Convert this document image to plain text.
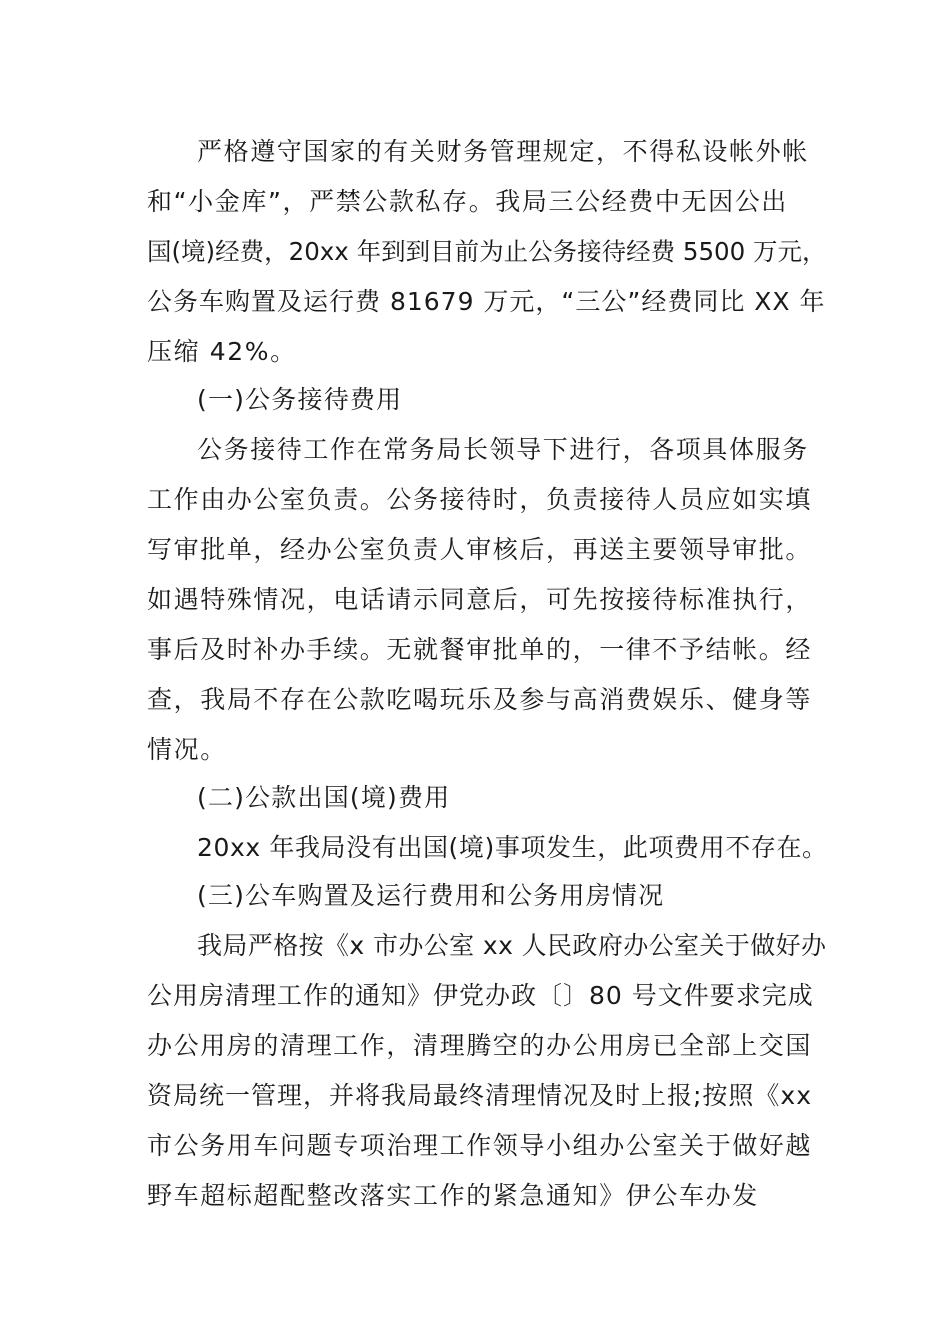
严格遵守国家的有关财务管理规定，不得私设帐外帐
和“小金库”，严禁公款私存。我局三公经费中无因公出
国(境)经费，20xx 年到到目前为止公务接待经费 5500 万元，
公务车购置及运行费 81679 万元，“三公”经费同比 XX 年
压缩 42%。
(一)公务接待费用
公务接待工作在常务局长领导下进行，各项具体服务
工作由办公室负责。公务接待时，负责接待人员应如实填
写审批单，经办公室负责人审核后，再送主要领导审批。
如遇特殊情况，电话请示同意后，可先按接待标准执行，
事后及时补办手续。无就餐审批单的，一律不予结帐。经
查，我局不存在公款吃喝玩乐及参与高消费娱乐、健身等
情况。
(二)公款出国(境)费用
20xx 年我局没有出国(境)事项发生，此项费用不存在。
(三)公车购置及运行费用和公务用房情况
我局严格按《x 市办公室 xx 人民政府办公室关于做好办
公用房清理工作的通知》伊党办政〔〕80 号文件要求完成
办公用房的清理工作，清理腾空的办公用房已全部上交国
资局统一管理，并将我局最终清理情况及时上报;按照《xx
市公务用车问题专项治理工作领导小组办公室关于做好越
野车超标超配整改落实工作的紧急通知》伊公车办发
